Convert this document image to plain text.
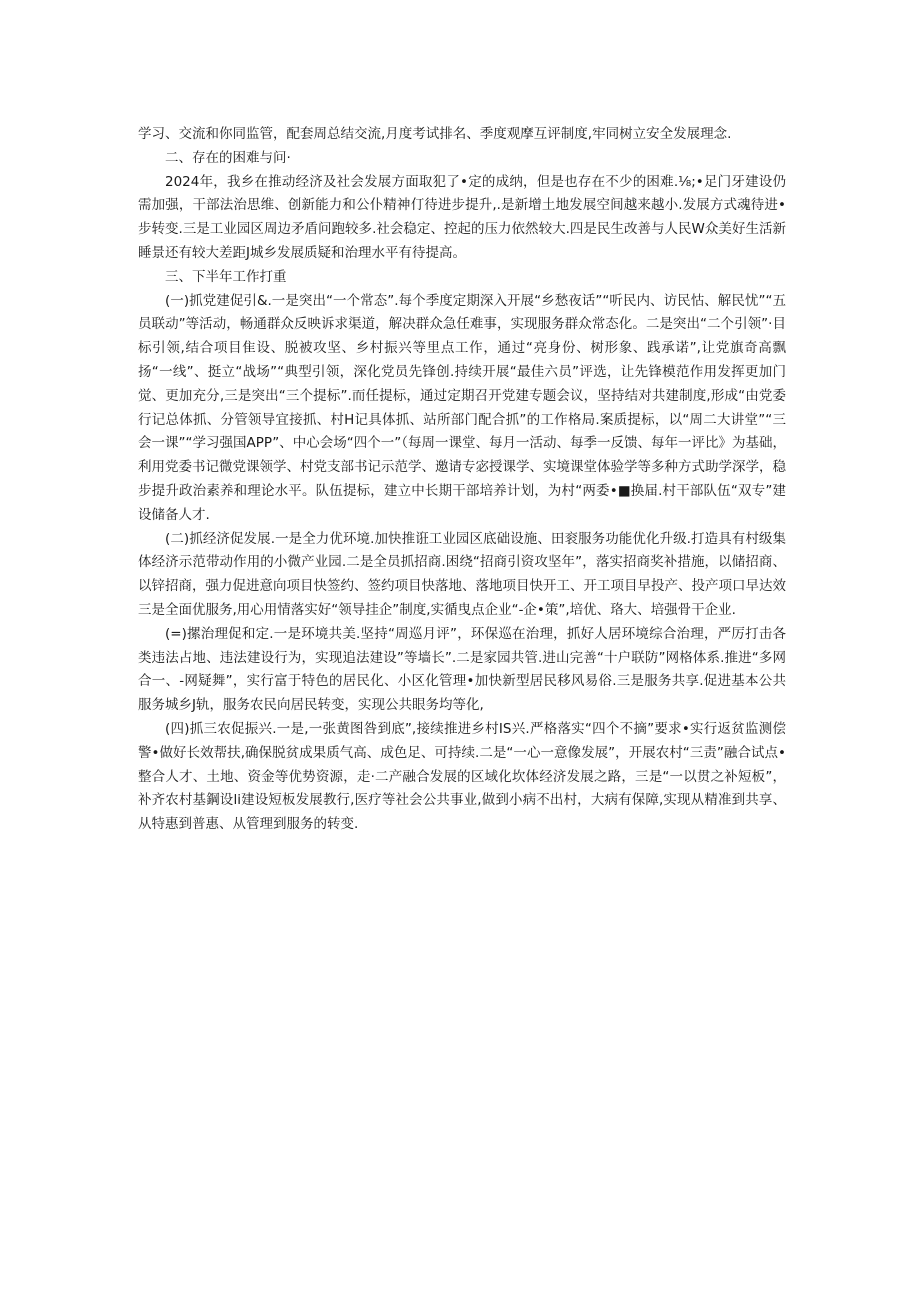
学习、交流和你同监管，配套周总结交流,月度考试排名、季度观摩互评制度,牢同树立安全发展理念.

二、存在的困难与问·

2024年，我乡在推动经济及社会发展方面取犯了•定的成纳，但是也存在不少的困难.⅛;•足门牙建设仍需加强，干部法治思维、创新能力和公仆精神仃待进步提升,.是新增土地发展空间越来越小.发展方式魂待进•步转变.三是工业园区周边矛盾问跑较多.社会稳定、控起的压力依然较大.四是民生改善与人民W众美好生活新睡景还有较大差距J城乡发展质疑和治理水平有待提高。

三、下半年工作打重

(一)抓党建促引&.一是突出“一个常态”.每个季度定期深入开展“乡愁夜话”“听民内、访民怙、解民忧”“五员联动”等活动，畅通群众反映诉求渠道，解决群众急任难事，实现服务群众常态化。二是突出“二个引领”·目标引领,结合项目隹设、脱被攻坚、乡村振兴等里点工作，通过“亮身份、树形象、践承诺”,让党旗奇高飘扬“一线”、挺立“战场”“典型引领，深化党员先锋创.持续开展“最佳六员”评选，让先锋模范作用发挥更加门觉、更加充分,三是突出“三个提标”.而任提标，通过定期召开党建专题会议，坚持结对共建制度,形成“由党委行记总体抓、分管领导宜接抓、村H记具体抓、站所部门配合抓”的工作格局.案质提标，以“周二大讲堂”“三会一课”“学习强国APP”、中心会场“四个一”（每周一课堂、每月一活动、每季一反馈、每年一评比》为基础，利用党委书记微党课领学、村党支部书记示范学、邀请专宓授课学、实境课堂体验学等多种方式助学深学，稳步提升政治素养和理论水平。队伍提标，建立中长期干部培养计划，为村“两委•■换届.村干部队伍“双专”建设储备人才.

(二)抓经济促发展.一是全力优环境.加快推诳工业园区底础设施、田衮服务功能优化升级.打造具有村级集体经济示范带动作用的小微产业园.二是全员抓招商.困绕“招商引资攻坚年”，落实招商奖补措施，以储招商、以锌招商，强力促进意向项目快签约、签约项目快落地、落地项目快开工、开工项目早投产、投产项口早达效三是全面优服务,用心用情落实好“领导挂企”制度,实循曳点企业“-企•策”,培优、珞大、培强骨干企业.

(=)摞治理促和定.一是环境共美.坚持“周巡月评”，环保巡在治理，抓好人居环境综合治理，严厉打击各类违法占地、违法建设行为，实现追法建设”等墙长”.二是家园共管.进山完善“十户联防”网格体系.推进“多网合一、-网疑舞”，实行富于特色的居民化、小区化管理•加快新型居民移风易俗.三是服务共享.促进基本公共服务城乡J轨，服务农民向居民转变，实现公共眼务均等化,

(四)抓三农促振兴.一是,一张黄图咎到底”,接续推进乡村IS兴.严格落实“四个不摘”要求•实行返贫监测偿警•做好长效帮扶,确保脱贫成果质气高、成色足、可持续.二是“一心一意像发展”，开展农村“三责”融合试点•整合人才、土地、资金等优势资源，走·二产融合发展的区域化坎体经济发展之路，三是“一以贯之补短板”，补齐农村基鋼设li建设短板发展教行,医疗等社会公共事业,做到小病不出村，大病有保障,实现从精准到共享、从特惠到普惠、从管理到服务的转变.
